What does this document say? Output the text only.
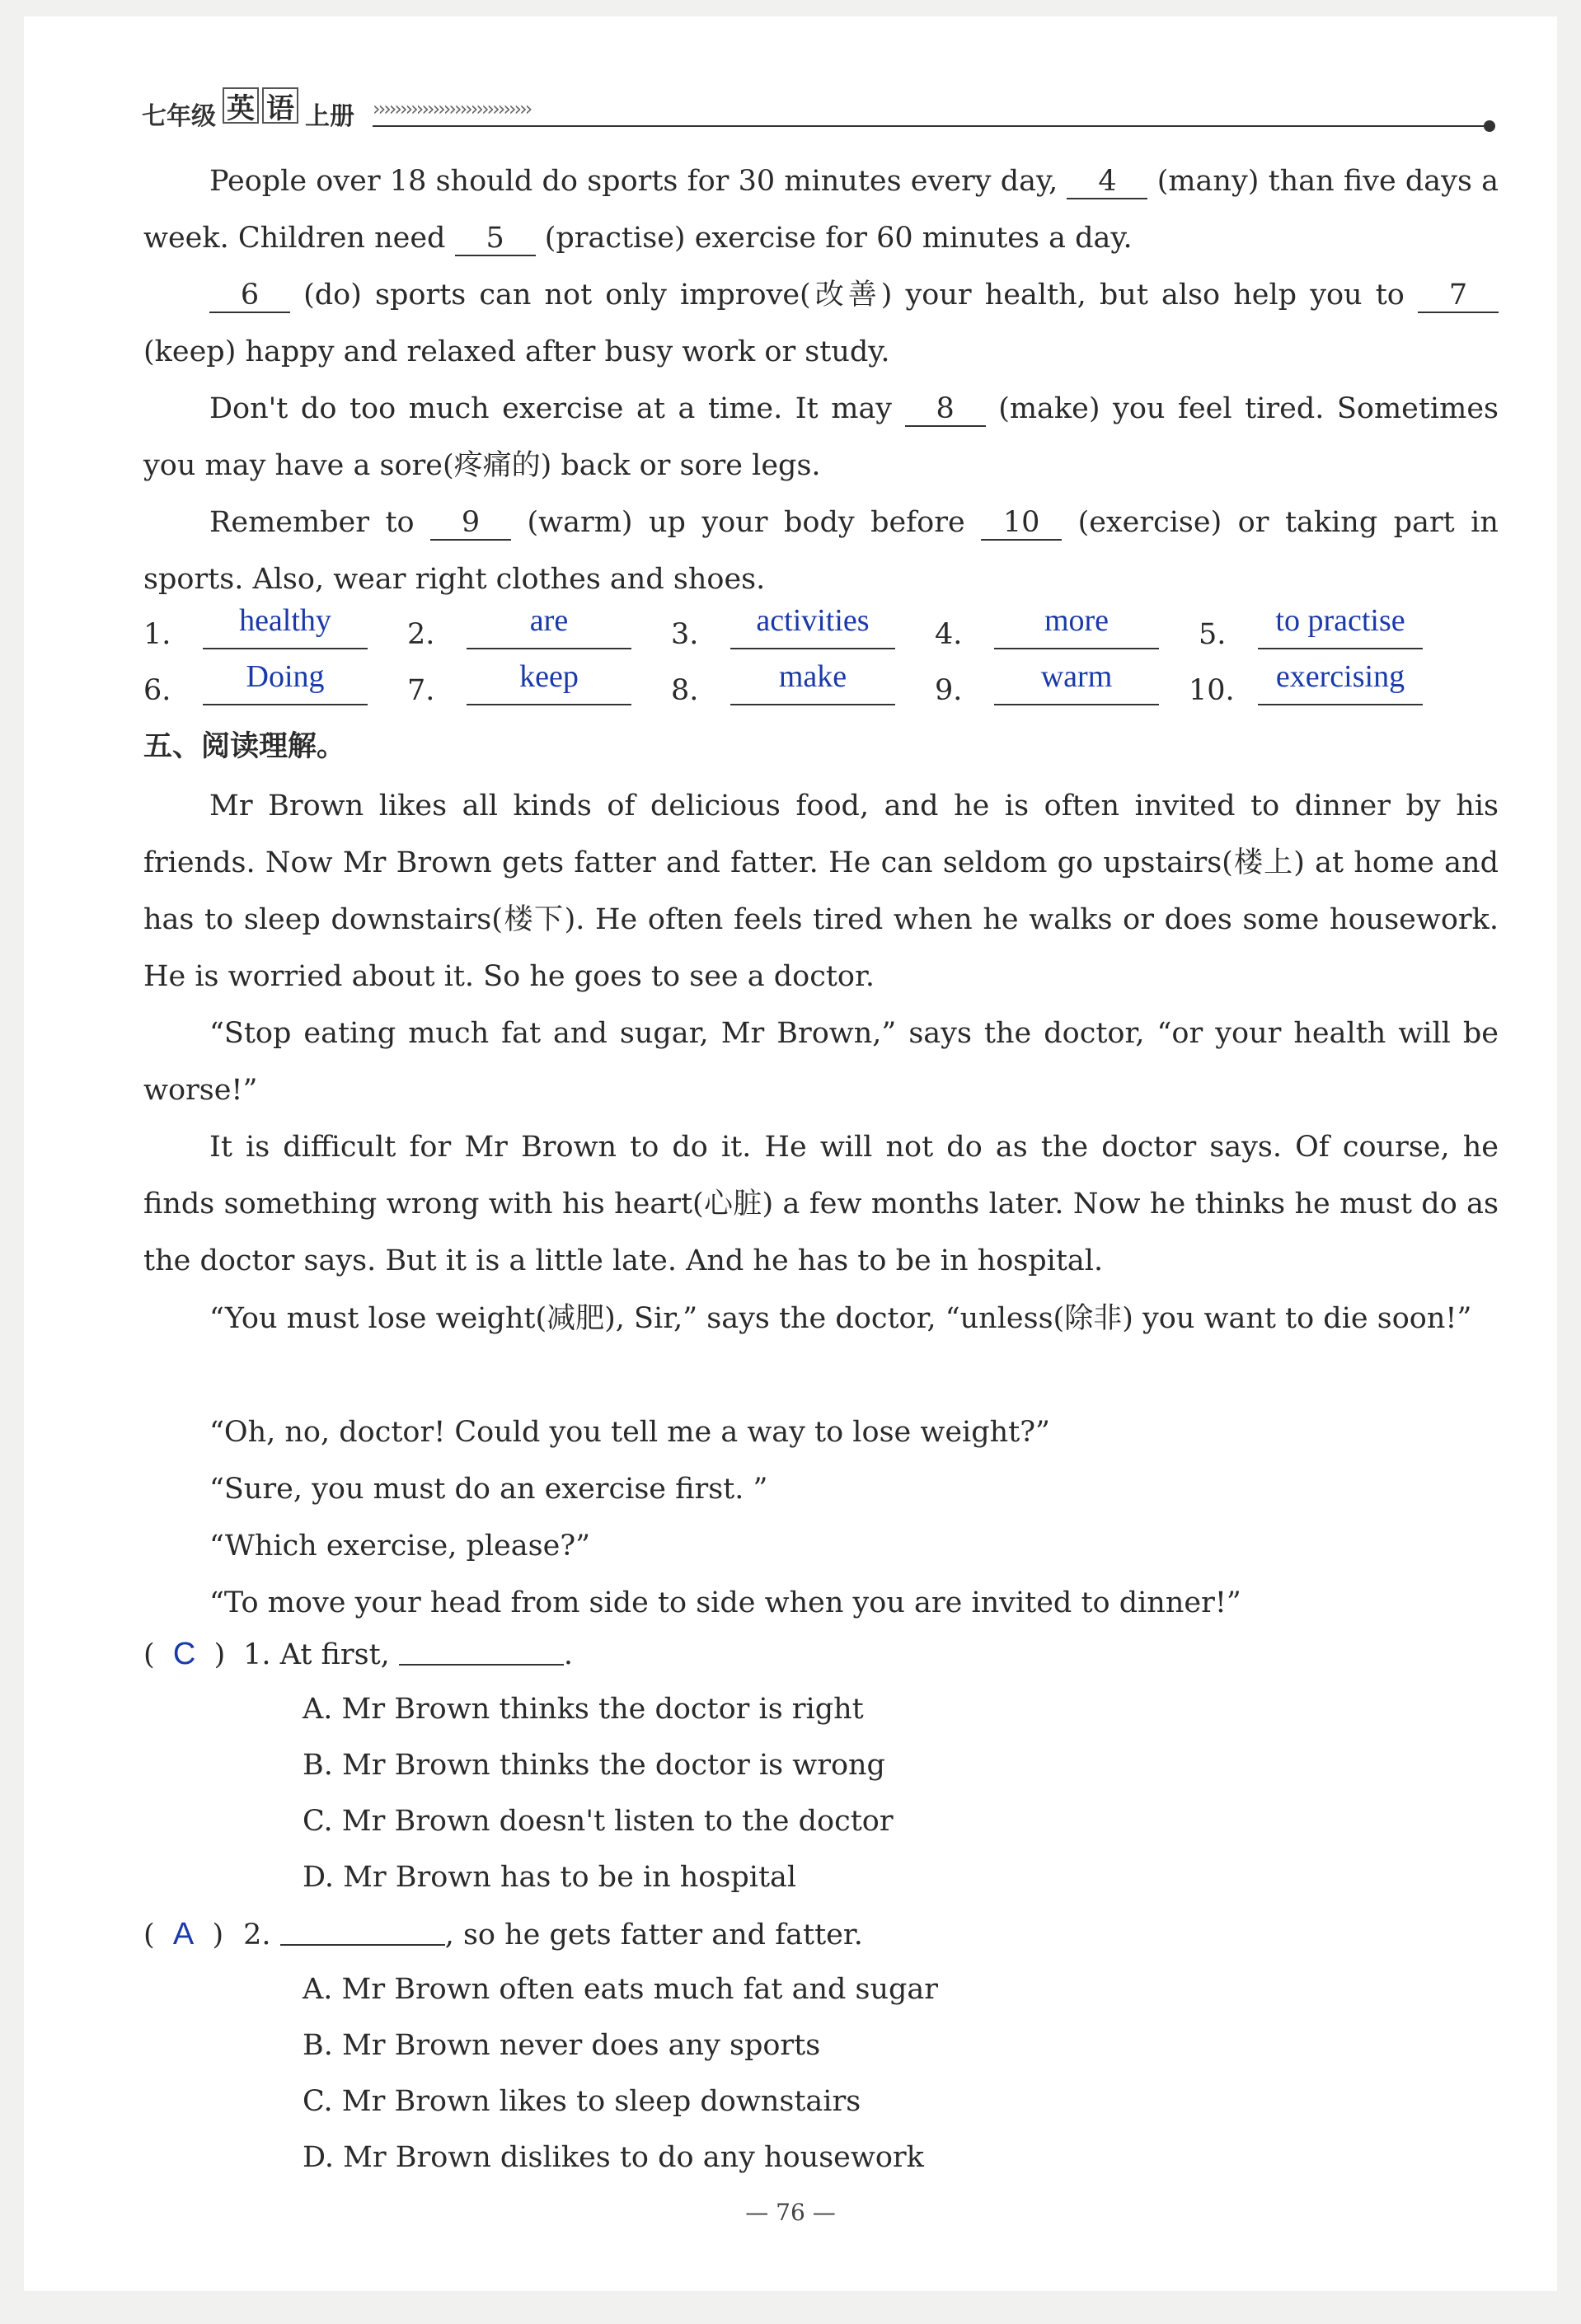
七年级 英 语 上册 ›››››››››››››››››››››››››››››
People over 18 should do sports for 30 minutes every day, 4 (many) than five days a week. Children need 5 (practise) exercise for 60 minutes a day.
6 (do) sports can not only improve(改善) your health, but also help you to 7 (keep) happy and relaxed after busy work or study.
Don't do too much exercise at a time. It may 8 (make) you feel tired. Sometimes you may have a sore(疼痛的) back or sore legs.
Remember to 9 (warm) up your body before 10 (exercise) or taking part in sports. Also, wear right clothes and shoes.
1.	healthy	2.	are	3.	activities	4.	more	5.	to practise
6.	Doing	7.	keep	8.	make	9.	warm	10.	exercising
五、阅读理解。
Mr Brown likes all kinds of delicious food, and he is often invited to dinner by his friends. Now Mr Brown gets fatter and fatter. He can seldom go upstairs(楼上) at home and has to sleep downstairs(楼下). He often feels tired when he walks or does some housework. He is worried about it. So he goes to see a doctor.
“Stop eating much fat and sugar, Mr Brown,” says the doctor, “or your health will be worse!”
It is difficult for Mr Brown to do it. He will not do as the doctor says. Of course, he finds something wrong with his heart(心脏) a few months later. Now he thinks he must do as the doctor says. But it is a little late. And he has to be in hospital.
“You must lose weight(减肥), Sir,” says the doctor, “unless(除非) you want to die soon!”
“Oh, no, doctor! Could you tell me a way to lose weight?”
“Sure, you must do an exercise first. ”
“Which exercise, please?”
“To move your head from side to side when you are invited to dinner!”
( C ) 1. At first,	.
A. Mr Brown thinks the doctor is right
B. Mr Brown thinks the doctor is wrong
C. Mr Brown doesn't listen to the doctor
D. Mr Brown has to be in hospital
( A ) 2.	, so he gets fatter and fatter.
A. Mr Brown often eats much fat and sugar
B. Mr Brown never does any sports
C. Mr Brown likes to sleep downstairs
D. Mr Brown dislikes to do any housework
— 76 —
